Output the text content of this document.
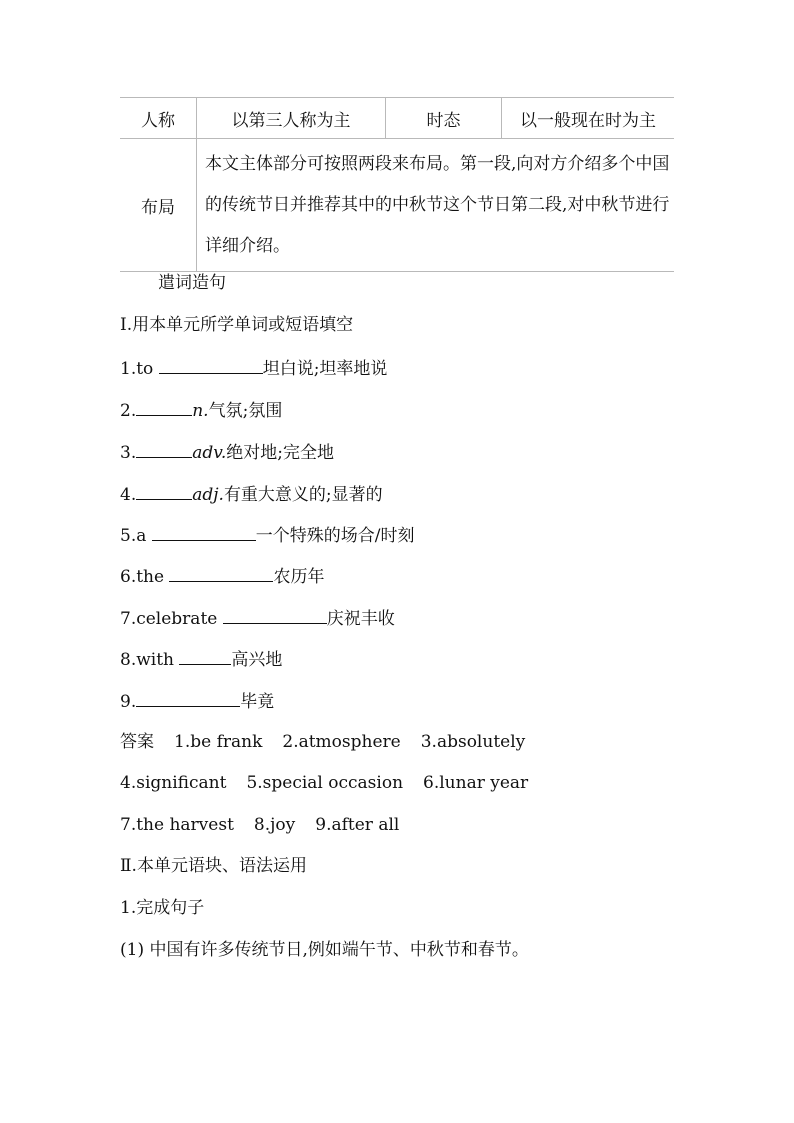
人称	以第三人称为主	时态	以一般现在时为主
布局	本文主体部分可按照两段来布局。第一段,向对方介绍多个中国的传统节日并推荐其中的中秋节这个节日第二段,对中秋节进行详细介绍。		
遣词造句
Ⅰ.用本单元所学单词或短语填空
1.to	坦白说;坦率地说
2.	n.气氛;氛围
3.	adv.绝对地;完全地
4.	adj.有重大意义的;显著的
5.a	一个特殊的场合/时刻
6.the	农历年
7.celebrate	庆祝丰收
8.with	高兴地
9.	毕竟
答案 1.be frank 2.atmosphere 3.absolutely
4.significant 5.special occasion 6.lunar year
7.the harvest 8.joy 9.after all
Ⅱ.本单元语块、语法运用
1.完成句子
(1) 中国有许多传统节日,例如端午节、中秋节和春节。
